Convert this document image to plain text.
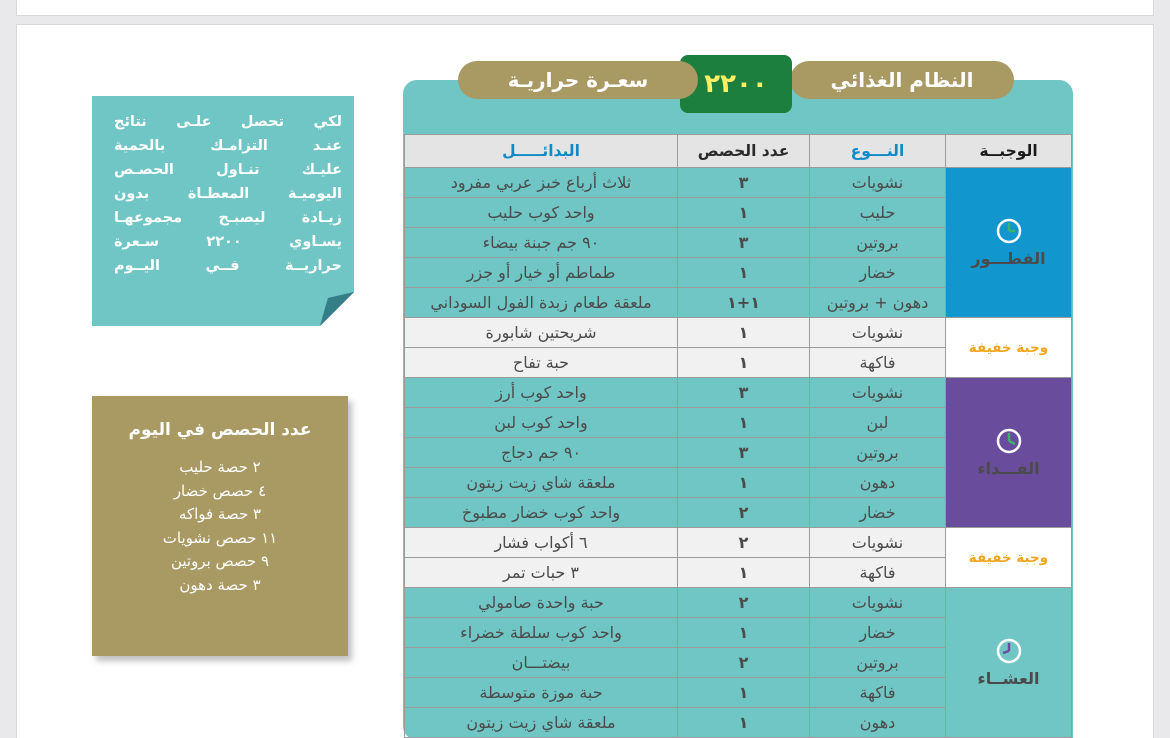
لكي تحصل علـى نتائج
عنـد التزامـك بالحمية
عليـك تنـاول الحصـص
اليوميـة المعطـاة بدون
زيـادة ليصبـح مجموعهـا
يسـاوي ٢٢٠٠ سـعرة
حراريــة فــي اليــوم
عدد الحصص في اليوم
٢ حصة حليب
٤ حصص خضار
٣ حصة فواكه
١١ حصص نشويات
٩ حصص بروتين
٣ حصة دهون
النظام الغذائي
٢٢٠٠
سعـرة حراريـة
الوجبــة	النـــوع	عدد الحصص	البدائـــــل

الفطـــور	نشويات	٣	ثلاث أرباع خبز عربي مفرود
	حليب	١	واحد كوب حليب
	بروتين	٣	٩٠ جم جبنة بيضاء
	خضار	١	طماطم أو خيار أو جزر
	دهون + بروتين	١+١	ملعقة طعام زبدة الفول السوداني
وجبة خفيفة	نشويات	١	شريحتين شابورة
	فاكهة	١	حبة تفاح

الفـــداء	نشويات	٣	واحد كوب أرز
	لبن	١	واحد كوب لبن
	بروتين	٣	٩٠ جم دجاج
	دهون	١	ملعقة شاي زيت زيتون
	خضار	٢	واحد كوب خضار مطبوخ
وجبة خفيفة	نشويات	٢	٦ أكواب فشار
	فاكهة	١	٣ حبات تمر

العشــاء	نشويات	٢	حبة واحدة صامولي
	خضار	١	واحد كوب سلطة خضراء
	بروتين	٢	بيضتـــان
	فاكهة	١	حبة موزة متوسطة
	دهون	١	ملعقة شاي زيت زيتون
